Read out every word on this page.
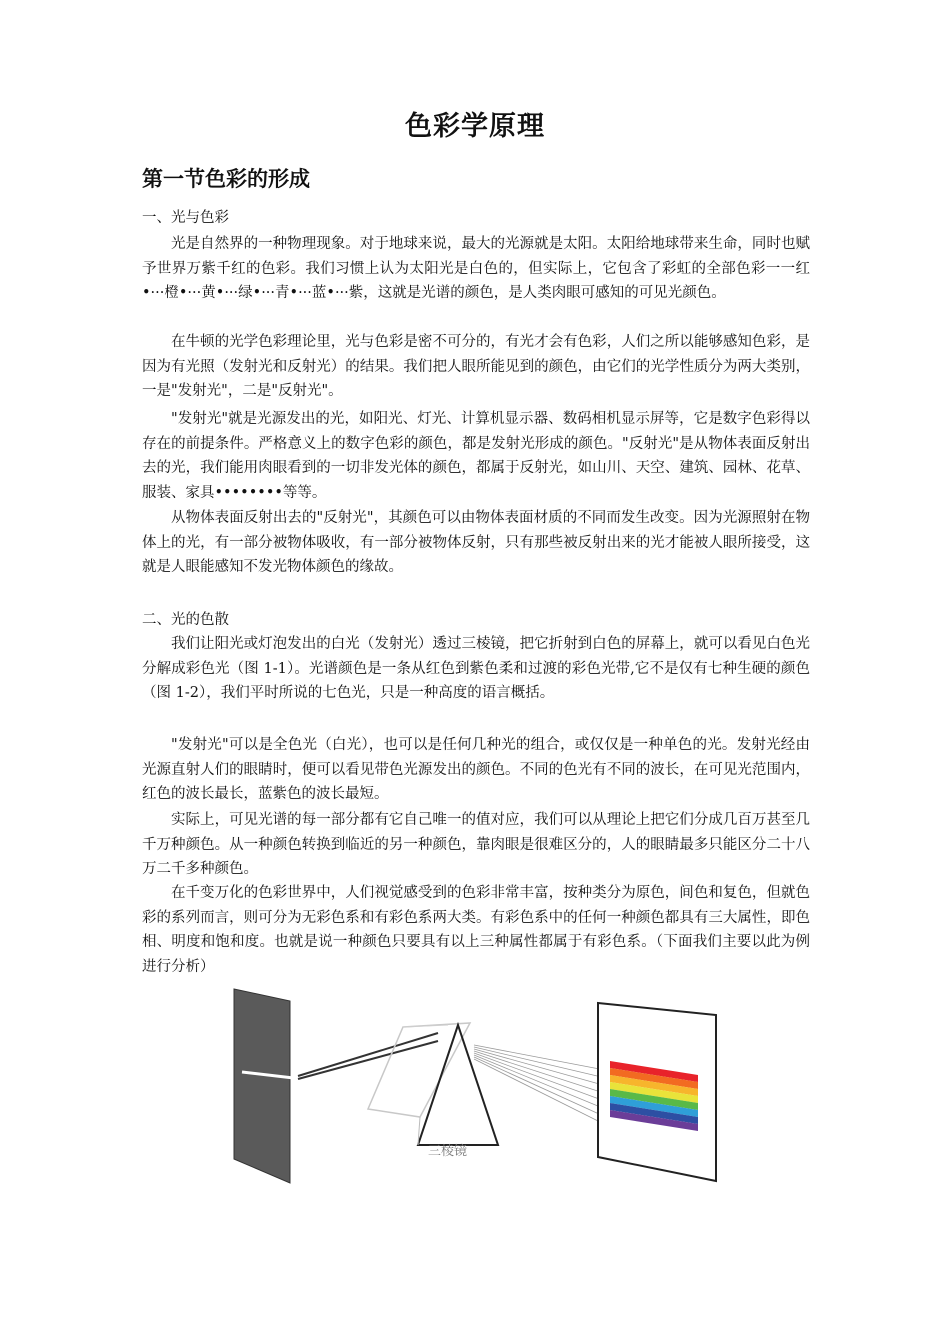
色彩学原理
第一节色彩的形成
一、光与色彩
光是自然界的一种物理现象。对于地球来说，最大的光源就是太阳。太阳给地球带来生命，同时也赋予世界万紫千红的色彩。我们习惯上认为太阳光是白色的，但实际上，它包含了彩虹的全部色彩一一红•···橙•···黄•···绿•···青•···蓝•···紫，这就是光谱的颜色，是人类肉眼可感知的可见光颜色。
在牛顿的光学色彩理论里，光与色彩是密不可分的，有光才会有色彩，人们之所以能够感知色彩，是因为有光照（发射光和反射光）的结果。我们把人眼所能见到的颜色，由它们的光学性质分为两大类别，一是"发射光"，二是"反射光"。
"发射光"就是光源发出的光，如阳光、灯光、计算机显示器、数码相机显示屏等，它是数字色彩得以存在的前提条件。严格意义上的数字色彩的颜色，都是发射光形成的颜色。"反射光"是从物体表面反射出去的光，我们能用肉眼看到的一切非发光体的颜色，都属于反射光，如山川、天空、建筑、园林、花草、服装、家具••••••••等等。
从物体表面反射出去的"反射光"，其颜色可以由物体表面材质的不同而发生改变。因为光源照射在物体上的光，有一部分被物体吸收，有一部分被物体反射，只有那些被反射出来的光才能被人眼所接受，这就是人眼能感知不发光物体颜色的缘故。
二、光的色散
我们让阳光或灯泡发出的白光（发射光）透过三棱镜，把它折射到白色的屏幕上，就可以看见白色光分解成彩色光（图 1-1）。光谱颜色是一条从红色到紫色柔和过渡的彩色光带,它不是仅有七种生硬的颜色（图 1-2），我们平时所说的七色光，只是一种高度的语言概括。
"发射光"可以是全色光（白光），也可以是任何几种光的组合，或仅仅是一种单色的光。发射光经由光源直射人们的眼睛时，便可以看见带色光源发出的颜色。不同的色光有不同的波长，在可见光范围内，红色的波长最长，蓝紫色的波长最短。
实际上，可见光谱的每一部分都有它自己唯一的值对应，我们可以从理论上把它们分成几百万甚至几千万种颜色。从一种颜色转换到临近的另一种颜色，靠肉眼是很难区分的，人的眼睛最多只能区分二十八万二千多种颜色。
在千变万化的色彩世界中，人们视觉感受到的色彩非常丰富，按种类分为原色，间色和复色，但就色彩的系列而言，则可分为无彩色系和有彩色系两大类。有彩色系中的任何一种颜色都具有三大属性，即色相、明度和饱和度。也就是说一种颜色只要具有以上三种属性都属于有彩色系。（下面我们主要以此为例进行分析）
三棱镜
